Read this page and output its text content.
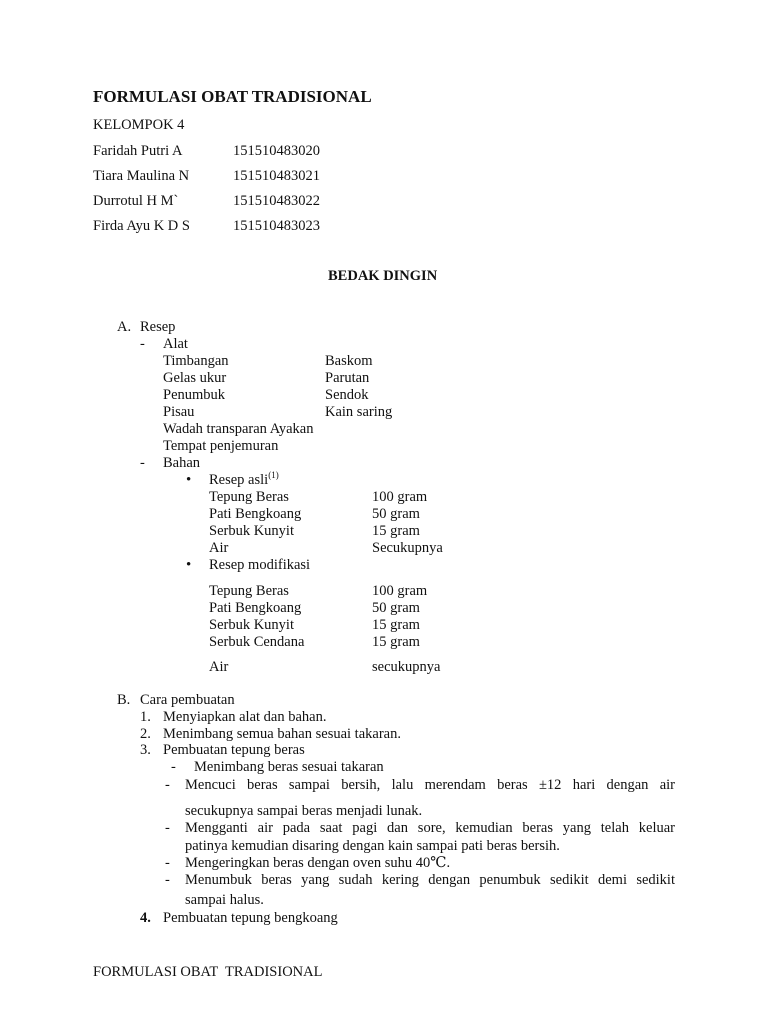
FORMULASI OBAT TRADISIONAL
KELOMPOK 4
Faridah Putri A	151510483020
Tiara Maulina N	151510483021
Durrotul H M`	151510483022
Firda Ayu K D S	151510483023
BEDAK DINGIN
A. Resep
- Alat
Timbangan	Baskom
Gelas ukur	Parutan
Penumbuk	Sendok
Pisau	Kain saring
Wadah transparan Ayakan
Tempat penjemuran
- Bahan
• Resep asli$^{(1)}$
Tepung Beras	100 gram
Pati Bengkoang	50 gram
Serbuk Kunyit	15 gram
Air	Secukupnya
• Resep modifikasi
Tepung Beras	100 gram
Pati Bengkoang	50 gram
Serbuk Kunyit	15 gram
Serbuk Cendana	15 gram
Air	secukupnya
B. Cara pembuatan
1. Menyiapkan alat dan bahan.
2. Menimbang semua bahan sesuai takaran.
3. Pembuatan tepung beras
- Menimbang beras sesuai takaran
- Mencuci beras sampai bersih, lalu merendam beras ±12 hari dengan air
secukupnya sampai beras menjadi lunak.
- Mengganti air pada saat pagi dan sore, kemudian beras yang telah keluar
patinya kemudian disaring dengan kain sampai pati beras bersih.
- Mengeringkan beras dengan oven suhu 40℃.
- Menumbuk beras yang sudah kering dengan penumbuk sedikit demi sedikit
sampai halus.
4. Pembuatan tepung bengkoang
FORMULASI OBAT  TRADISIONAL
